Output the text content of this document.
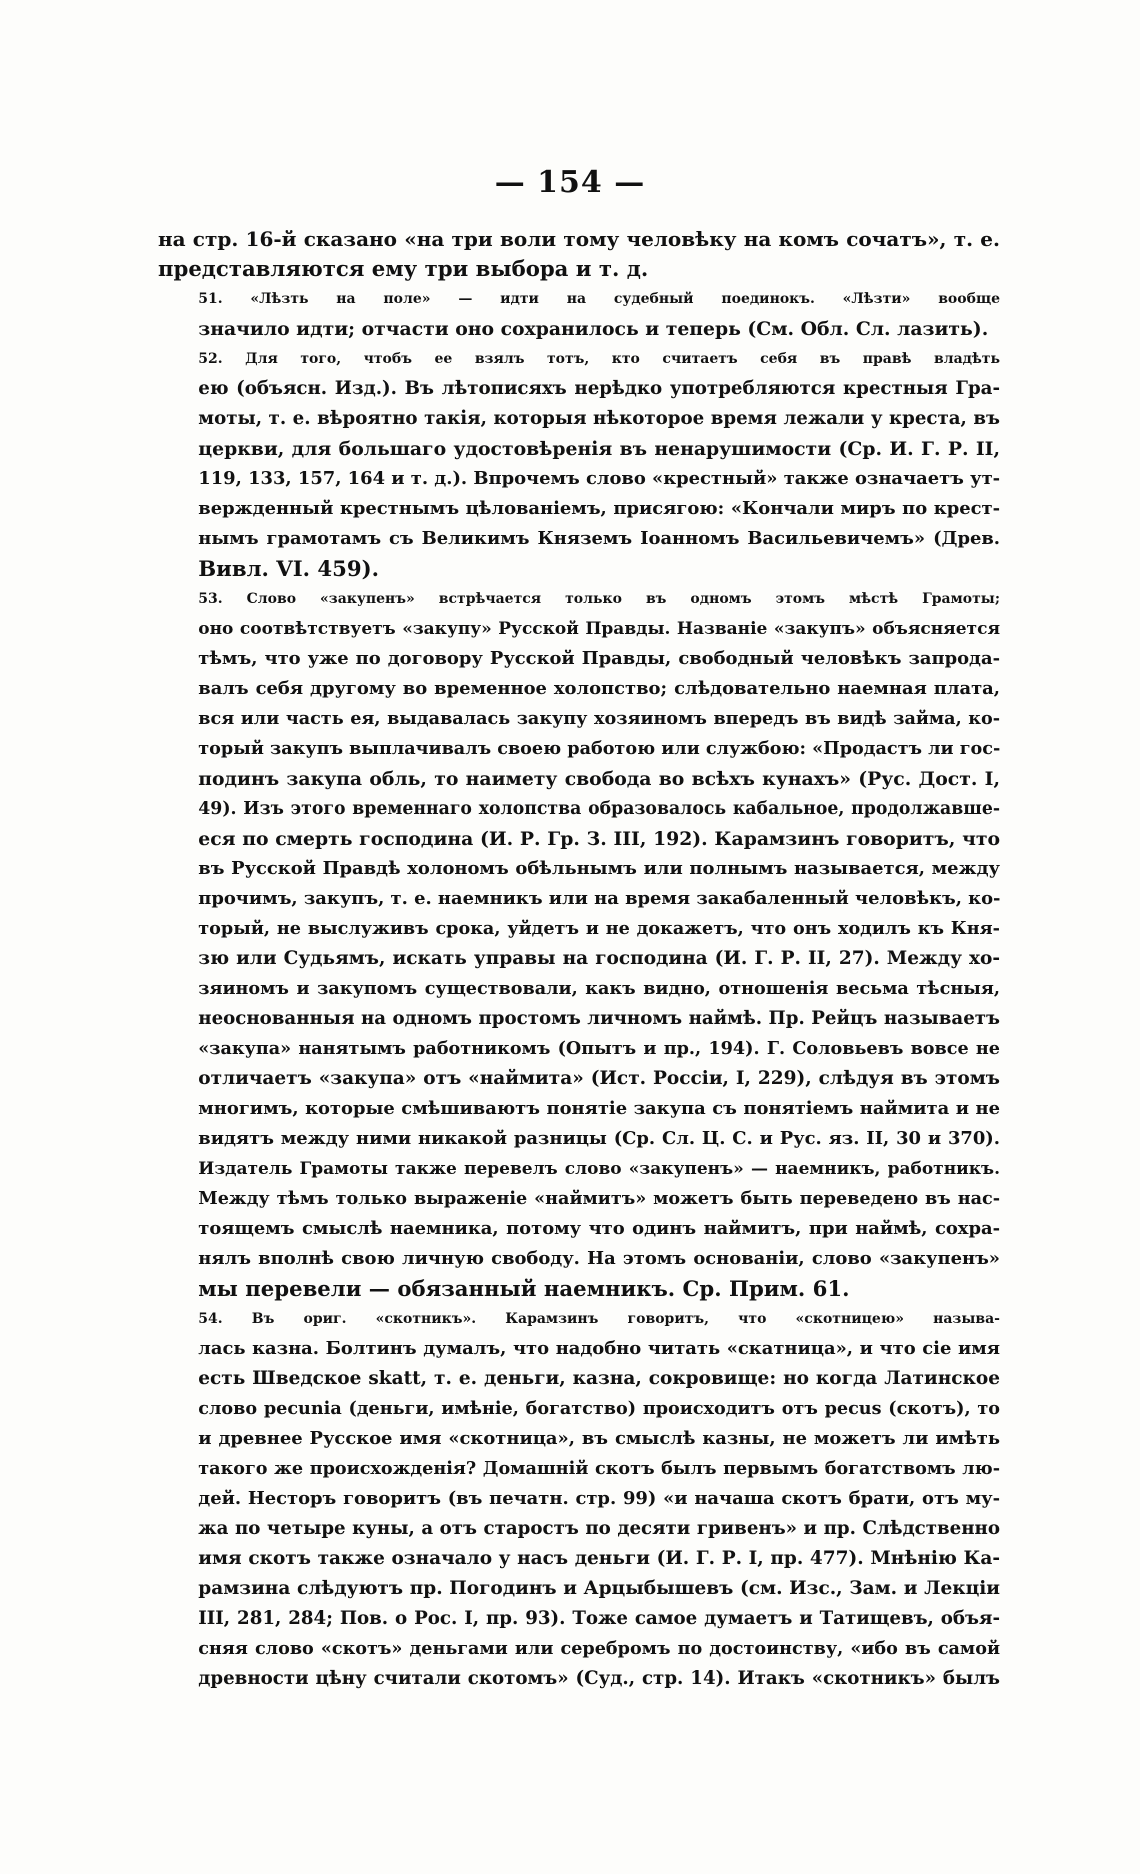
— 154 —

на стр. 16-й сказано «на три воли тому человѣку на комъ сочатъ», т. е.
представляются ему три выбора и т. д.

51. «Лѣзть на поле» — идти на судебный поединокъ. «Лѣзти» вообще
значило идти; отчасти оно сохранилось и теперь (См. Обл. Сл. лазить).

52. Для того, чтобъ ее взялъ тотъ, кто считаетъ себя въ правѣ владѣть
ею (объясн. Изд.). Въ лѣтописяхъ нерѣдко употребляются крестныя Гра-
моты, т. е. вѣроятно такія, которыя нѣкоторое время лежали у креста, въ
церкви, для большаго удостовѣренія въ ненарушимости (Ср. И. Г. Р. II,
119, 133, 157, 164 и т. д.). Впрочемъ слово «крестный» также означаетъ ут-
вержденный крестнымъ цѣлованіемъ, присягою: «Кончали миръ по крест-
нымъ грамотамъ съ Великимъ Княземъ Іоанномъ Васильевичемъ» (Древ.
Вивл. VI. 459).

53. Слово «закупенъ» встрѣчается только въ одномъ этомъ мѣстѣ Грамоты;
оно соотвѣтствуетъ «закупу» Русской Правды. Названіе «закупъ» объясняется
тѣмъ, что уже по договору Русской Правды, свободный человѣкъ запрода-
валъ себя другому во временное холопство; слѣдовательно наемная плата,
вся или часть ея, выдавалась закупу хозяиномъ впередъ въ видѣ займа, ко-
торый закупъ выплачивалъ своею работою или службою: «Продастъ ли гос-
подинъ закупа обль, то наимету свобода во всѣхъ кунахъ» (Рус. Дост. I,
49). Изъ этого временнаго холопства образовалось кабальное, продолжавше-
еся по смерть господина (И. Р. Гр. З. III, 192). Карамзинъ говоритъ, что
въ Русской Правдѣ холономъ обѣльнымъ или полнымъ называется, между
прочимъ, закупъ, т. е. наемникъ или на время закабаленный человѣкъ, ко-
торый, не выслуживъ срока, уйдетъ и не докажетъ, что онъ ходилъ къ Кня-
зю или Судьямъ, искать управы на господина (И. Г. Р. II, 27). Между хо-
зяиномъ и закупомъ существовали, какъ видно, отношенія весьма тѣсныя,
неоснованныя на одномъ простомъ личномъ наймѣ. Пр. Рейцъ называетъ
«закупа» нанятымъ работникомъ (Опытъ и пр., 194). Г. Соловьевъ вовсе не
отличаетъ «закупа» отъ «наймита» (Ист. Россіи, I, 229), слѣдуя въ этомъ
многимъ, которые смѣшиваютъ понятіе закупа съ понятіемъ наймита и не
видятъ между ними никакой разницы (Ср. Сл. Ц. С. и Рус. яз. II, 30 и 370).
Издатель Грамоты также перевелъ слово «закупенъ» — наемникъ, работникъ.
Между тѣмъ только выраженіе «наймитъ» можетъ быть переведено въ нас-
тоящемъ смыслѣ наемника, потому что одинъ наймитъ, при наймѣ, сохра-
нялъ вполнѣ свою личную свободу. На этомъ основаніи, слово «закупенъ»
мы перевели — обязанный наемникъ. Ср. Прим. 61.

54. Въ ориг. «скотникъ». Карамзинъ говоритъ, что «скотницею» называ-
лась казна. Болтинъ думалъ, что надобно читать «скатница», и что сіе имя
есть Шведское skatt, т. е. деньги, казна, сокровище: но когда Латинское
слово pecunia (деньги, имѣніе, богатство) происходитъ отъ pecus (скотъ), то
и древнее Русское имя «скотница», въ смыслѣ казны, не можетъ ли имѣть
такого же происхожденія? Домашній скотъ былъ первымъ богатствомъ лю-
дей. Несторъ говоритъ (въ печатн. стр. 99) «и начаша скотъ брати, отъ му-
жа по четыре куны, а отъ старостъ по десяти гривенъ» и пр. Слѣдственно
имя скотъ также означало у насъ деньги (И. Г. Р. I, пр. 477). Мнѣнію Ка-
рамзина слѣдуютъ пр. Погодинъ и Арцыбышевъ (см. Изс., Зам. и Лекціи
III, 281, 284; Пов. о Рос. I, пр. 93). Тоже самое думаетъ и Татищевъ, объя-
сняя слово «скотъ» деньгами или серебромъ по достоинству, «ибо въ самой
древности цѣну считали скотомъ» (Суд., стр. 14). Итакъ «скотникъ» былъ
